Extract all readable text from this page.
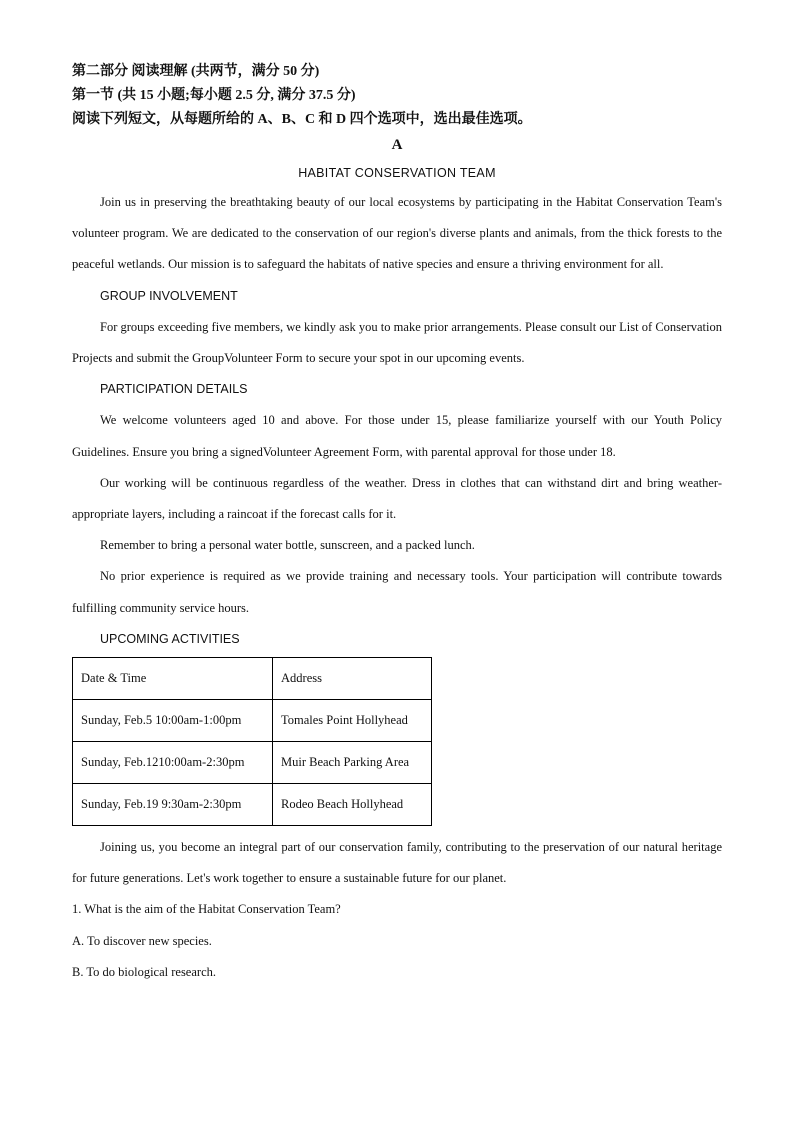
第二部分 阅读理解 (共两节，满分 50 分)
第一节 (共 15 小题;每小题 2.5 分, 满分 37.5 分)
阅读下列短文，从每题所给的 A、B、C 和 D 四个选项中，选出最佳选项。
A
HABITAT CONSERVATION TEAM

Join us in preserving the breathtaking beauty of our local ecosystems by participating in the Habitat Conservation Team's volunteer program. We are dedicated to the conservation of our region's diverse plants and animals, from the thick forests to the peaceful wetlands. Our mission is to safeguard the habitats of native species and ensure a thriving environment for all.

GROUP INVOLVEMENT

For groups exceeding five members, we kindly ask you to make prior arrangements. Please consult our List of Conservation Projects and submit the GroupVolunteer Form to secure your spot in our upcoming events.

PARTICIPATION DETAILS

We welcome volunteers aged 10 and above. For those under 15, please familiarize yourself with our Youth Policy Guidelines. Ensure you bring a signedVolunteer Agreement Form, with parental approval for those under 18.

Our working will be continuous regardless of the weather. Dress in clothes that can withstand dirt and bring weather-appropriate layers, including a raincoat if the forecast calls for it.

Remember to bring a personal water bottle, sunscreen, and a packed lunch.

No prior experience is required as we provide training and necessary tools. Your participation will contribute towards fulfilling community service hours.

UPCOMING ACTIVITIES

Date & Time	Address
Sunday, Feb.5 10:00am-1:00pm	Tomales Point Hollyhead
Sunday, Feb.1210:00am-2:30pm	Muir Beach Parking Area
Sunday, Feb.19 9:30am-2:30pm	Rodeo Beach Hollyhead

Joining us, you become an integral part of our conservation family, contributing to the preservation of our natural heritage for future generations. Let's work together to ensure a sustainable future for our planet.

1. What is the aim of the Habitat Conservation Team?

A. To discover new species.

B. To do biological research.
